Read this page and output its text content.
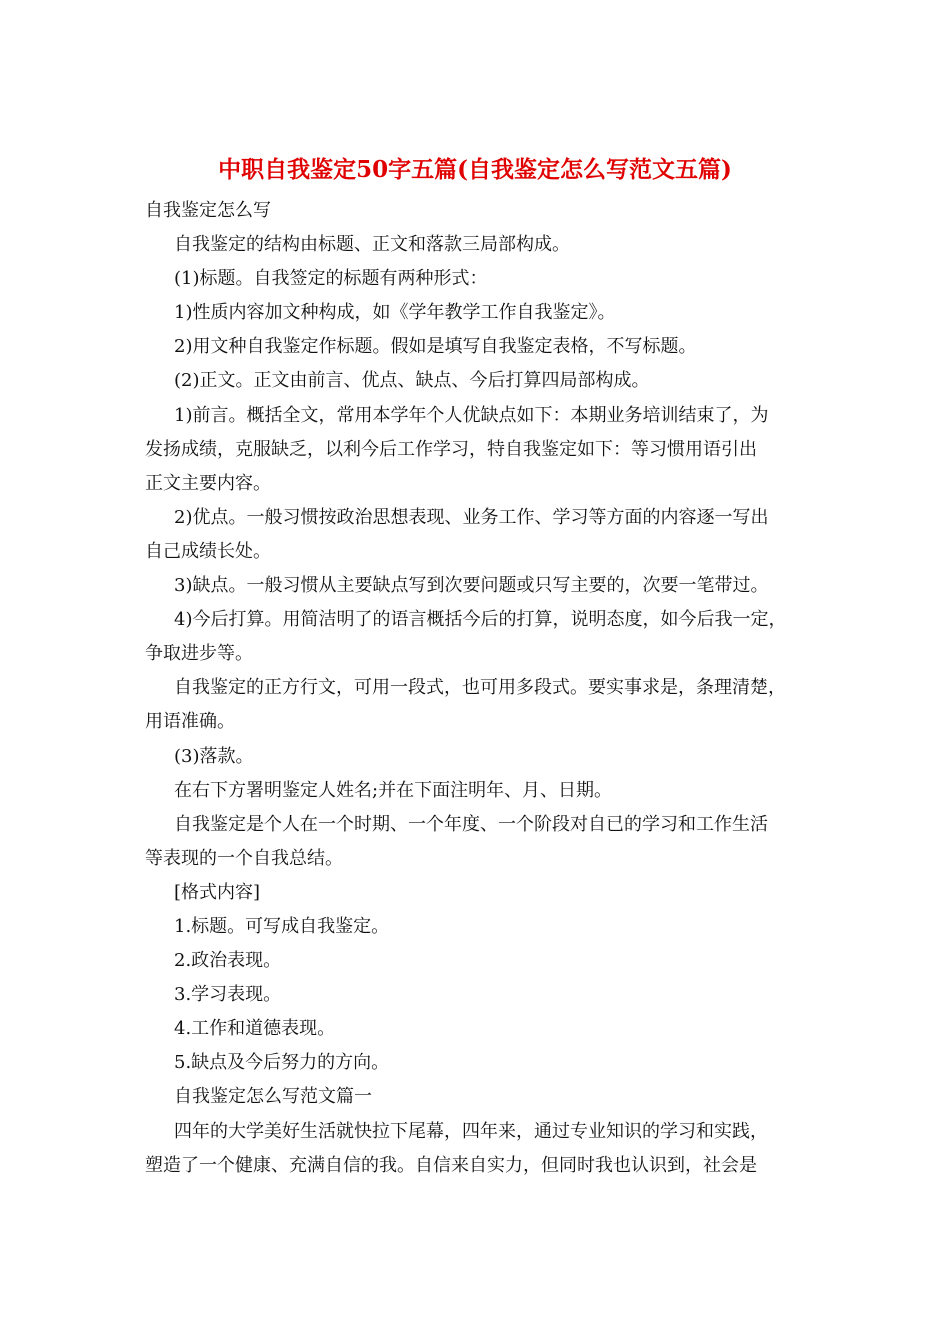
中职自我鉴定50字五篇(自我鉴定怎么写范文五篇)
自我鉴定怎么写
自我鉴定的结构由标题、正文和落款三局部构成。
(1)标题。自我签定的标题有两种形式：
1)性质内容加文种构成，如《学年教学工作自我鉴定》。
2)用文种自我鉴定作标题。假如是填写自我鉴定表格，不写标题。
(2)正文。正文由前言、优点、缺点、今后打算四局部构成。
1)前言。概括全文，常用本学年个人优缺点如下：本期业务培训结束了，为
发扬成绩，克服缺乏，以利今后工作学习，特自我鉴定如下：等习惯用语引出
正文主要内容。
2)优点。一般习惯按政治思想表现、业务工作、学习等方面的内容逐一写出
自己成绩长处。
3)缺点。一般习惯从主要缺点写到次要问题或只写主要的，次要一笔带过。
4)今后打算。用简洁明了的语言概括今后的打算，说明态度，如今后我一定，
争取进步等。
自我鉴定的正方行文，可用一段式，也可用多段式。要实事求是，条理清楚，
用语准确。
(3)落款。
在右下方署明鉴定人姓名;并在下面注明年、月、日期。
自我鉴定是个人在一个时期、一个年度、一个阶段对自已的学习和工作生活
等表现的一个自我总结。
[格式内容]
1.标题。可写成自我鉴定。
2.政治表现。
3.学习表现。
4.工作和道德表现。
5.缺点及今后努力的方向。
自我鉴定怎么写范文篇一
四年的大学美好生活就快拉下尾幕，四年来，通过专业知识的学习和实践，
塑造了一个健康、充满自信的我。自信来自实力，但同时我也认识到，社会是
